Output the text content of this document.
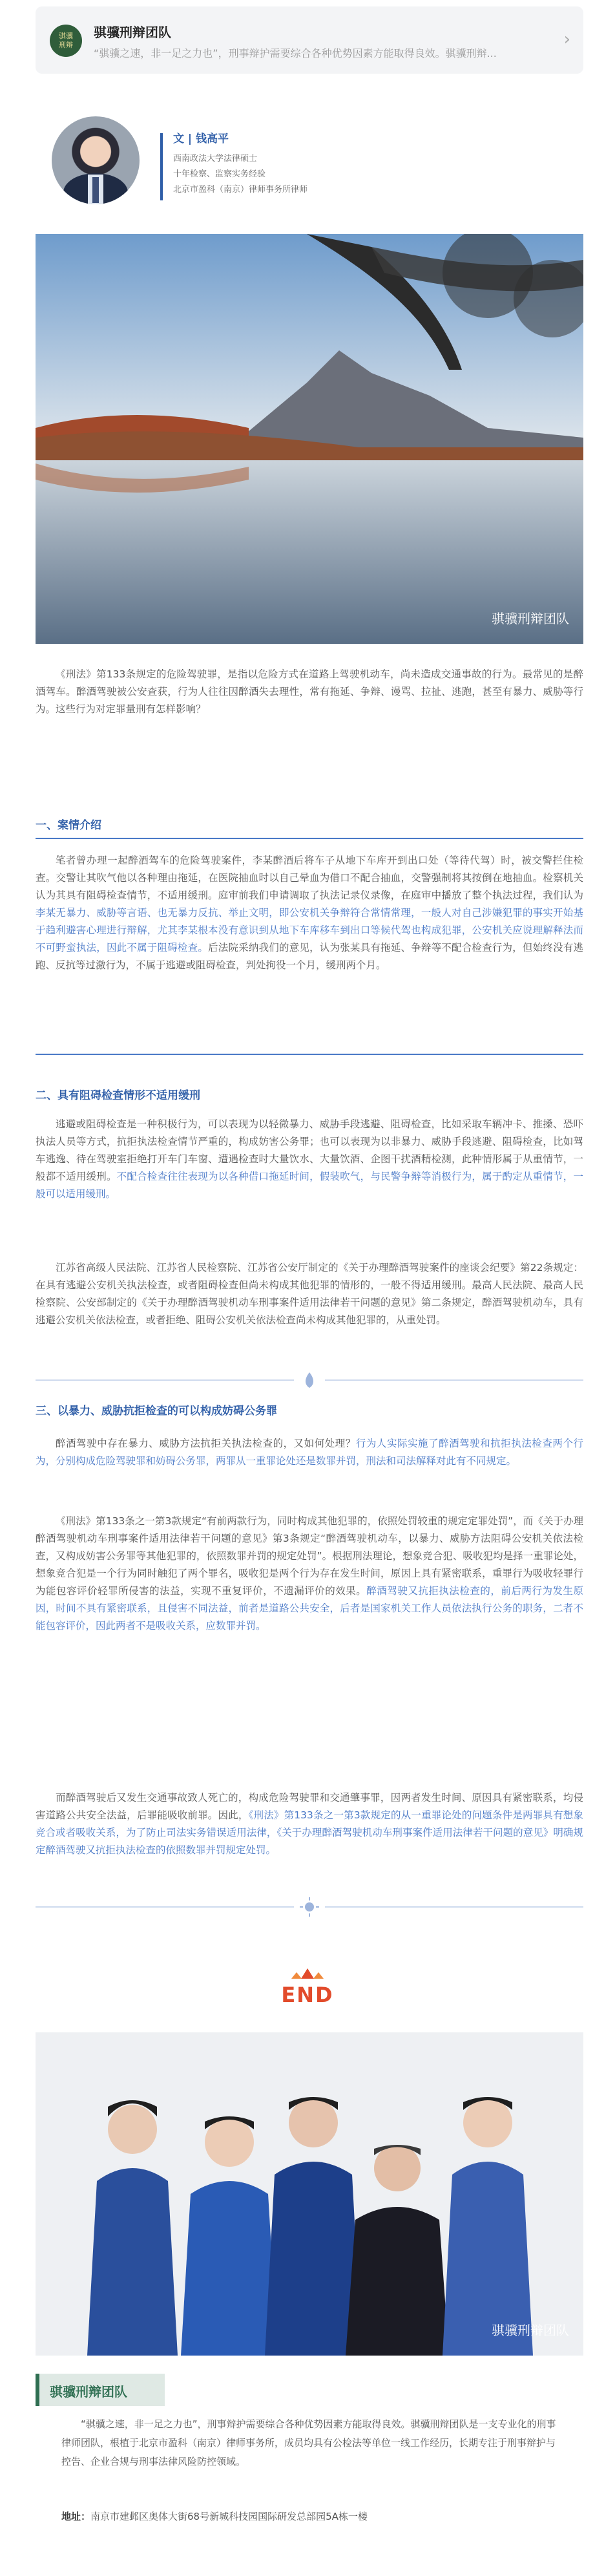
骐骥
刑辩
骐骥刑辩团队
“骐骥之速，非一足之力也”，刑事辩护需要综合各种优势因素方能取得良效。骐骥刑辩...
›
文 | 钱高平
西南政法大学法律硕士
十年检察、监察实务经验
北京市盈科（南京）律师事务所律师
骐骥刑辩团队

《刑法》第133条规定的危险驾驶罪，是指以危险方式在道路上驾驶机动车，尚未造成交通事故的行为。最常见的是醉酒驾车。醉酒驾驶被公安查获，行为人往往因醉酒失去理性，常有拖延、争辩、谩骂、拉扯、逃跑，甚至有暴力、威胁等行为。这些行为对定罪量刑有怎样影响？

一、案情介绍

笔者曾办理一起醉酒驾车的危险驾驶案件，李某醉酒后将车子从地下车库开到出口处（等待代驾）时，被交警拦住检查。交警让其吹气他以各种理由拖延，在医院抽血时以自己晕血为借口不配合抽血，交警强制将其按倒在地抽血。检察机关认为其具有阻碍检查情节，不适用缓刑。庭审前我们申请调取了执法记录仪录像，在庭审中播放了整个执法过程，我们认为李某无暴力、威胁等言语、也无暴力反抗、举止文明，即公安机关争辩符合常情常理，一般人对自己涉嫌犯罪的事实开始基于趋利避害心理进行辩解，尤其李某根本没有意识到从地下车库移车到出口等候代驾也构成犯罪，公安机关应说理解释法而不可野蛮执法，因此不属于阻碍检查。后法院采纳我们的意见，认为张某具有拖延、争辩等不配合检查行为，但始终没有逃跑、反抗等过激行为，不属于逃避或阻碍检查，判处拘役一个月，缓刑两个月。

二、具有阻碍检查情形不适用缓刑

逃避或阻碍检查是一种积极行为，可以表现为以轻微暴力、威胁手段逃避、阻碍检查，比如采取车辆冲卡、推搡、恐吓执法人员等方式，抗拒执法检查情节严重的，构成妨害公务罪；也可以表现为以非暴力、威胁手段逃避、阻碍检查，比如驾车逃逸、待在驾驶室拒绝打开车门车窗、遭遇检查时大量饮水、大量饮酒、企图干扰酒精检测，此种情形属于从重情节，一般都不适用缓刑。不配合检查往往表现为以各种借口拖延时间，假装吹气，与民警争辩等消极行为，属于酌定从重情节，一般可以适用缓刑。

江苏省高级人民法院、江苏省人民检察院、江苏省公安厅制定的《关于办理醉酒驾驶案件的座谈会纪要》第22条规定：在具有逃避公安机关执法检查，或者阻碍检查但尚未构成其他犯罪的情形的，一般不得适用缓刑。最高人民法院、最高人民检察院、公安部制定的《关于办理醉酒驾驶机动车刑事案件适用法律若干问题的意见》第二条规定，醉酒驾驶机动车，具有逃避公安机关依法检查，或者拒绝、阻碍公安机关依法检查尚未构成其他犯罪的，从重处罚。

三、以暴力、威胁抗拒检查的可以构成妨碍公务罪

醉酒驾驶中存在暴力、威胁方法抗拒关执法检查的，又如何处理？行为人实际实施了醉酒驾驶和抗拒执法检查两个行为，分别构成危险驾驶罪和妨碍公务罪，两罪从一重罪论处还是数罪并罚，刑法和司法解释对此有不同规定。

《刑法》第133条之一第3款规定“有前两款行为，同时构成其他犯罪的，依照处罚较重的规定定罪处罚”，而《关于办理醉酒驾驶机动车刑事案件适用法律若干问题的意见》第3条规定“醉酒驾驶机动车，以暴力、威胁方法阻碍公安机关依法检查，又构成妨害公务罪等其他犯罪的，依照数罪并罚的规定处罚”。根据刑法理论，想象竞合犯、吸收犯均是择一重罪论处，想象竞合犯是一个行为同时触犯了两个罪名，吸收犯是两个行为存在发生时间，原因上具有紧密联系，重罪行为吸收轻罪行为能包容评价轻罪所侵害的法益，实现不重复评价，不遗漏评价的效果。醉酒驾驶又抗拒执法检查的，前后两行为发生原因，时间不具有紧密联系，且侵害不同法益，前者是道路公共安全，后者是国家机关工作人员依法执行公务的职务，二者不能包容评价，因此两者不是吸收关系，应数罪并罚。

而醉酒驾驶后又发生交通事故致人死亡的，构成危险驾驶罪和交通肇事罪，因两者发生时间、原因具有紧密联系，均侵害道路公共安全法益，后罪能吸收前罪。因此，《刑法》第133条之一第3款规定的从一重罪论处的问题条件是两罪具有想象竞合或者吸收关系，为了防止司法实务错误适用法律，《关于办理醉酒驾驶机动车刑事案件适用法律若干问题的意见》明确规定醉酒驾驶又抗拒执法检查的依照数罪并罚规定处罚。

END
骐骥刑辩团队
骐骥刑辩团队

“骐骥之速，非一足之力也”，刑事辩护需要综合各种优势因素方能取得良效。骐骥刑辩团队是一支专业化的刑事律师团队，根植于北京市盈科（南京）律师事务所，成员均具有公检法等单位一线工作经历，长期专注于刑事辩护与控告、企业合规与刑事法律风险防控领域。

地址：南京市建邺区奥体大街68号新城科技园国际研发总部园5A栋一楼
